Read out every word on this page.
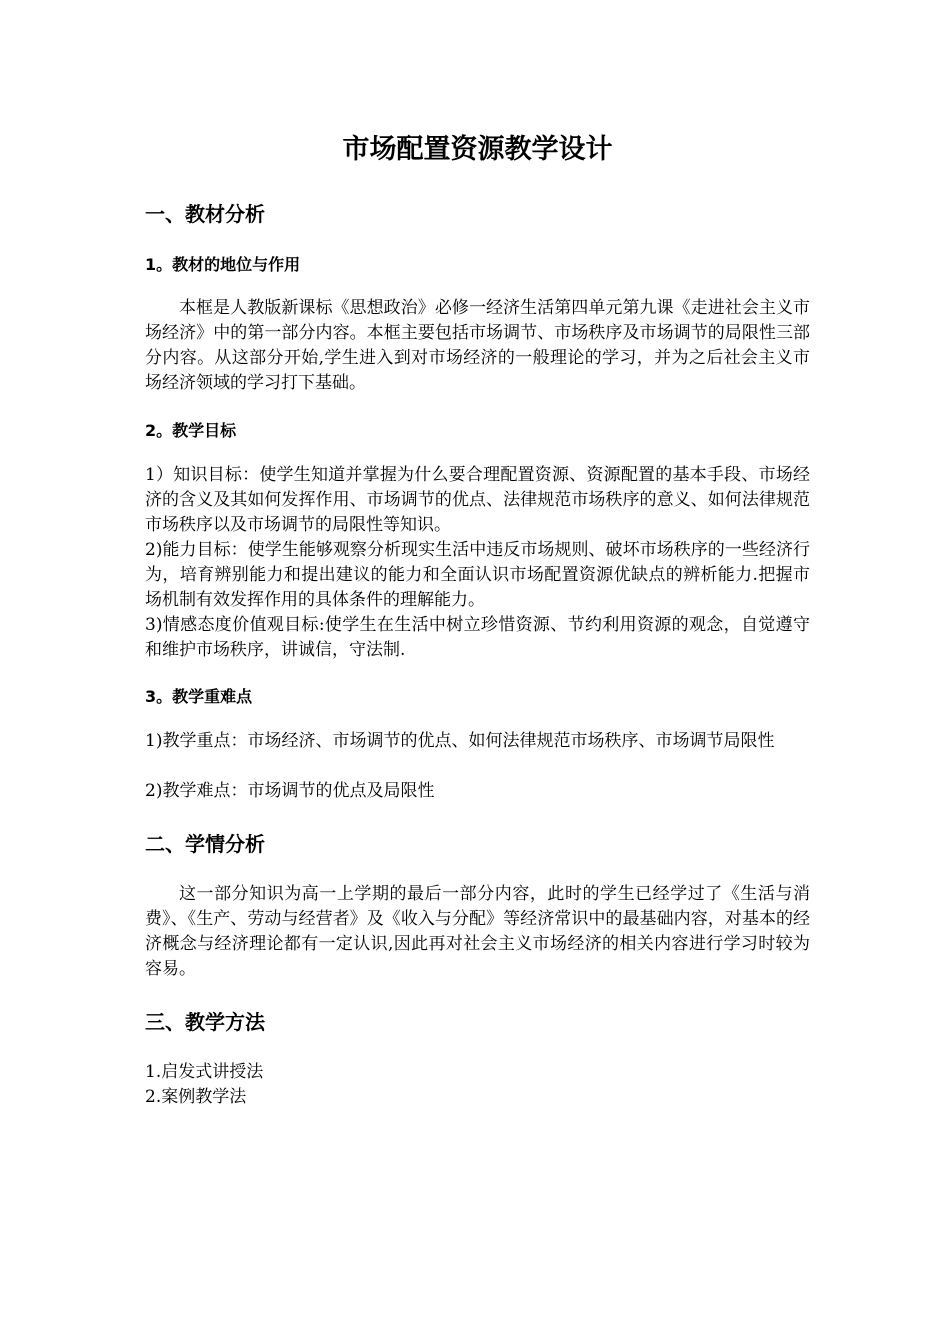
市场配置资源教学设计
一、教材分析
1。教材的地位与作用

本框是人教版新课标《思想政治》必修一经济生活第四单元第九课《走进社会主义市场经济》中的第一部分内容。本框主要包括市场调节、市场秩序及市场调节的局限性三部分内容。从这部分开始,学生进入到对市场经济的一般理论的学习，并为之后社会主义市场经济领域的学习打下基础。

2。教学目标

1）知识目标：使学生知道并掌握为什么要合理配置资源、资源配置的基本手段、市场经济的含义及其如何发挥作用、市场调节的优点、法律规范市场秩序的意义、如何法律规范市场秩序以及市场调节的局限性等知识。

2)能力目标：使学生能够观察分析现实生活中违反市场规则、破坏市场秩序的一些经济行为，培育辨别能力和提出建议的能力和全面认识市场配置资源优缺点的辨析能力.把握市场机制有效发挥作用的具体条件的理解能力。

3)情感态度价值观目标:使学生在生活中树立珍惜资源、节约利用资源的观念，自觉遵守和维护市场秩序，讲诚信，守法制.

3。教学重难点

1)教学重点：市场经济、市场调节的优点、如何法律规范市场秩序、市场调节局限性

2)教学难点：市场调节的优点及局限性

二、学情分析

这一部分知识为高一上学期的最后一部分内容，此时的学生已经学过了《生活与消费》、《生产、劳动与经营者》及《收入与分配》等经济常识中的最基础内容，对基本的经济概念与经济理论都有一定认识,因此再对社会主义市场经济的相关内容进行学习时较为容易。

三、教学方法

1.启发式讲授法

2.案例教学法
